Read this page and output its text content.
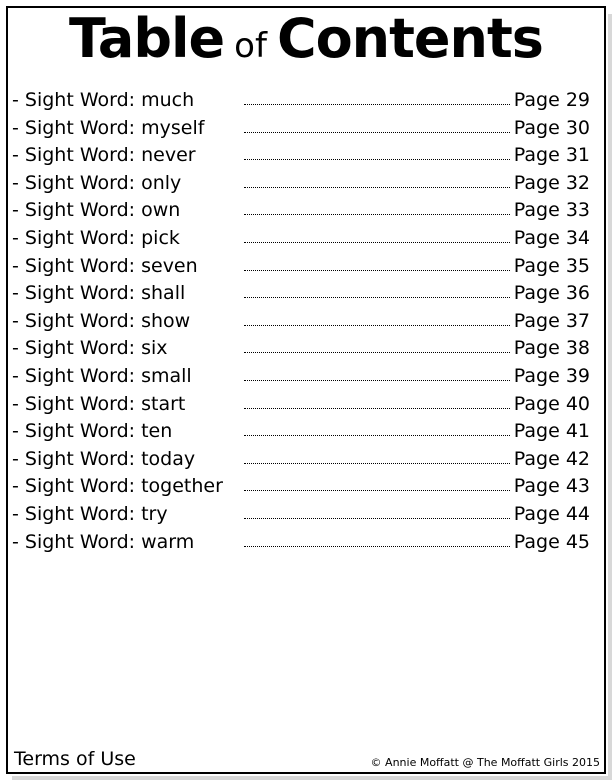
Table of Contents
- Sight Word: much	Page 29
- Sight Word: myself	Page 30
- Sight Word: never	Page 31
- Sight Word: only	Page 32
- Sight Word: own	Page 33
- Sight Word: pick	Page 34
- Sight Word: seven	Page 35
- Sight Word: shall	Page 36
- Sight Word: show	Page 37
- Sight Word: six	Page 38
- Sight Word: small	Page 39
- Sight Word: start	Page 40
- Sight Word: ten	Page 41
- Sight Word: today	Page 42
- Sight Word: together	Page 43
- Sight Word: try	Page 44
- Sight Word: warm	Page 45
Terms of Use	© Annie Moffatt @ The Moffatt Girls 2015
